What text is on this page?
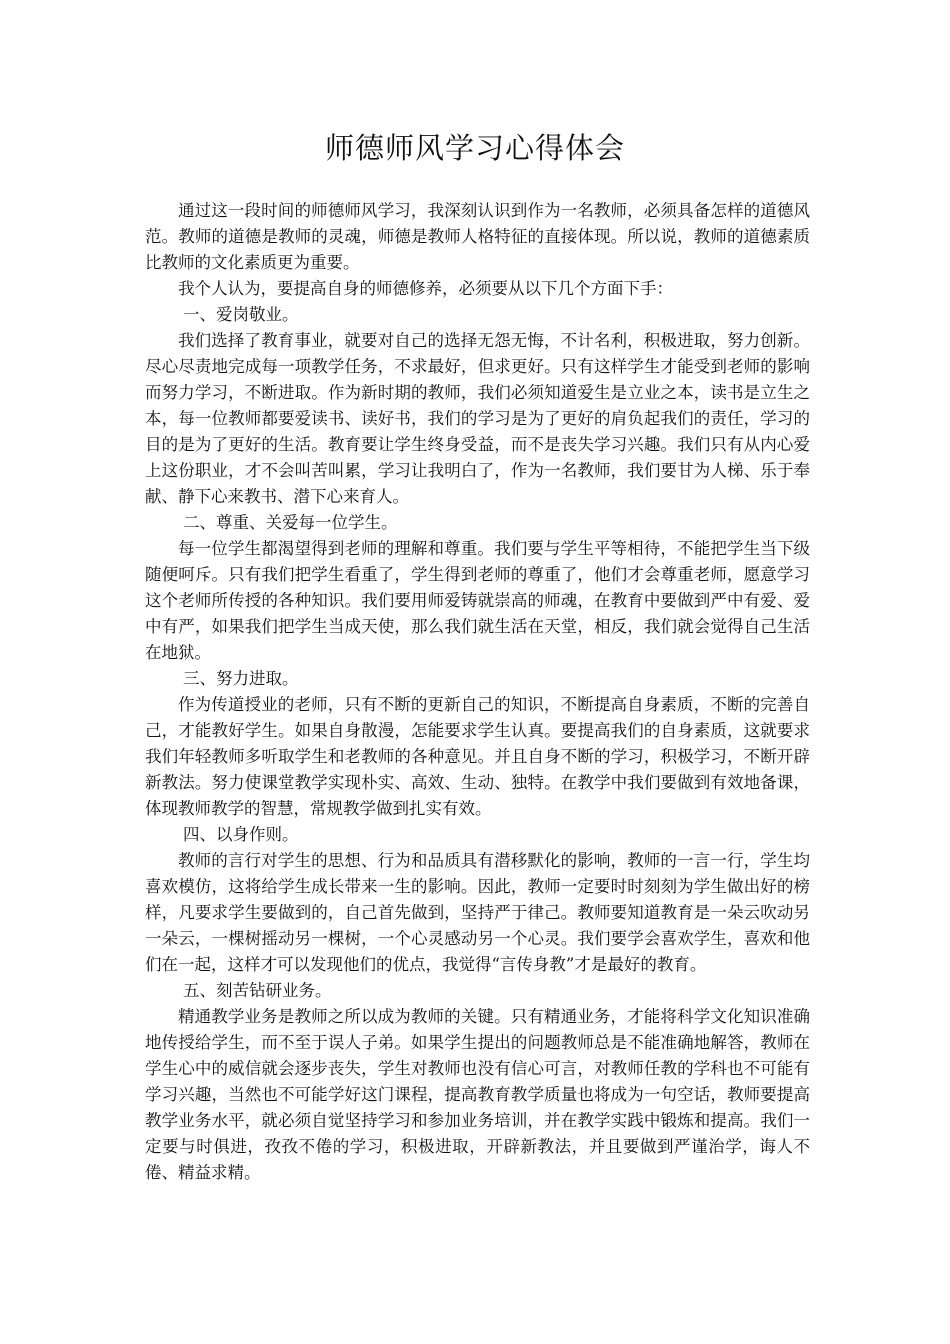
师德师风学习心得体会

通过这一段时间的师德师风学习，我深刻认识到作为一名教师，必须具备怎样的道德风范。教师的道德是教师的灵魂，师德是教师人格特征的直接体现。所以说，教师的道德素质比教师的文化素质更为重要。

我个人认为，要提高自身的师德修养，必须要从以下几个方面下手：

一、爱岗敬业。

我们选择了教育事业，就要对自己的选择无怨无悔，不计名利，积极进取，努力创新。尽心尽责地完成每一项教学任务，不求最好，但求更好。只有这样学生才能受到老师的影响而努力学习，不断进取。作为新时期的教师，我们必须知道爱生是立业之本，读书是立生之本，每一位教师都要爱读书、读好书，我们的学习是为了更好的肩负起我们的责任，学习的目的是为了更好的生活。教育要让学生终身受益，而不是丧失学习兴趣。我们只有从内心爱上这份职业，才不会叫苦叫累，学习让我明白了，作为一名教师，我们要甘为人梯、乐于奉献、静下心来教书、潜下心来育人。

二、尊重、关爱每一位学生。

每一位学生都渴望得到老师的理解和尊重。我们要与学生平等相待，不能把学生当下级随便呵斥。只有我们把学生看重了，学生得到老师的尊重了，他们才会尊重老师，愿意学习这个老师所传授的各种知识。我们要用师爱铸就崇高的师魂，在教育中要做到严中有爱、爱中有严，如果我们把学生当成天使，那么我们就生活在天堂，相反，我们就会觉得自己生活在地狱。

三、努力进取。

作为传道授业的老师，只有不断的更新自己的知识，不断提高自身素质，不断的完善自己，才能教好学生。如果自身散漫，怎能要求学生认真。要提高我们的自身素质，这就要求我们年轻教师多听取学生和老教师的各种意见。并且自身不断的学习，积极学习，不断开辟新教法。努力使课堂教学实现朴实、高效、生动、独特。在教学中我们要做到有效地备课，体现教师教学的智慧，常规教学做到扎实有效。

四、以身作则。

教师的言行对学生的思想、行为和品质具有潜移默化的影响，教师的一言一行，学生均喜欢模仿，这将给学生成长带来一生的影响。因此，教师一定要时时刻刻为学生做出好的榜样，凡要求学生要做到的，自己首先做到，坚持严于律己。教师要知道教育是一朵云吹动另一朵云，一棵树摇动另一棵树，一个心灵感动另一个心灵。我们要学会喜欢学生，喜欢和他们在一起，这样才可以发现他们的优点，我觉得“言传身教”才是最好的教育。

五、刻苦钻研业务。

精通教学业务是教师之所以成为教师的关键。只有精通业务，才能将科学文化知识准确地传授给学生，而不至于误人子弟。如果学生提出的问题教师总是不能准确地解答，教师在学生心中的威信就会逐步丧失，学生对教师也没有信心可言，对教师任教的学科也不可能有学习兴趣，当然也不可能学好这门课程，提高教育教学质量也将成为一句空话，教师要提高教学业务水平，就必须自觉坚持学习和参加业务培训，并在教学实践中锻炼和提高。我们一定要与时俱进，孜孜不倦的学习，积极进取，开辟新教法，并且要做到严谨治学，诲人不倦、精益求精。
